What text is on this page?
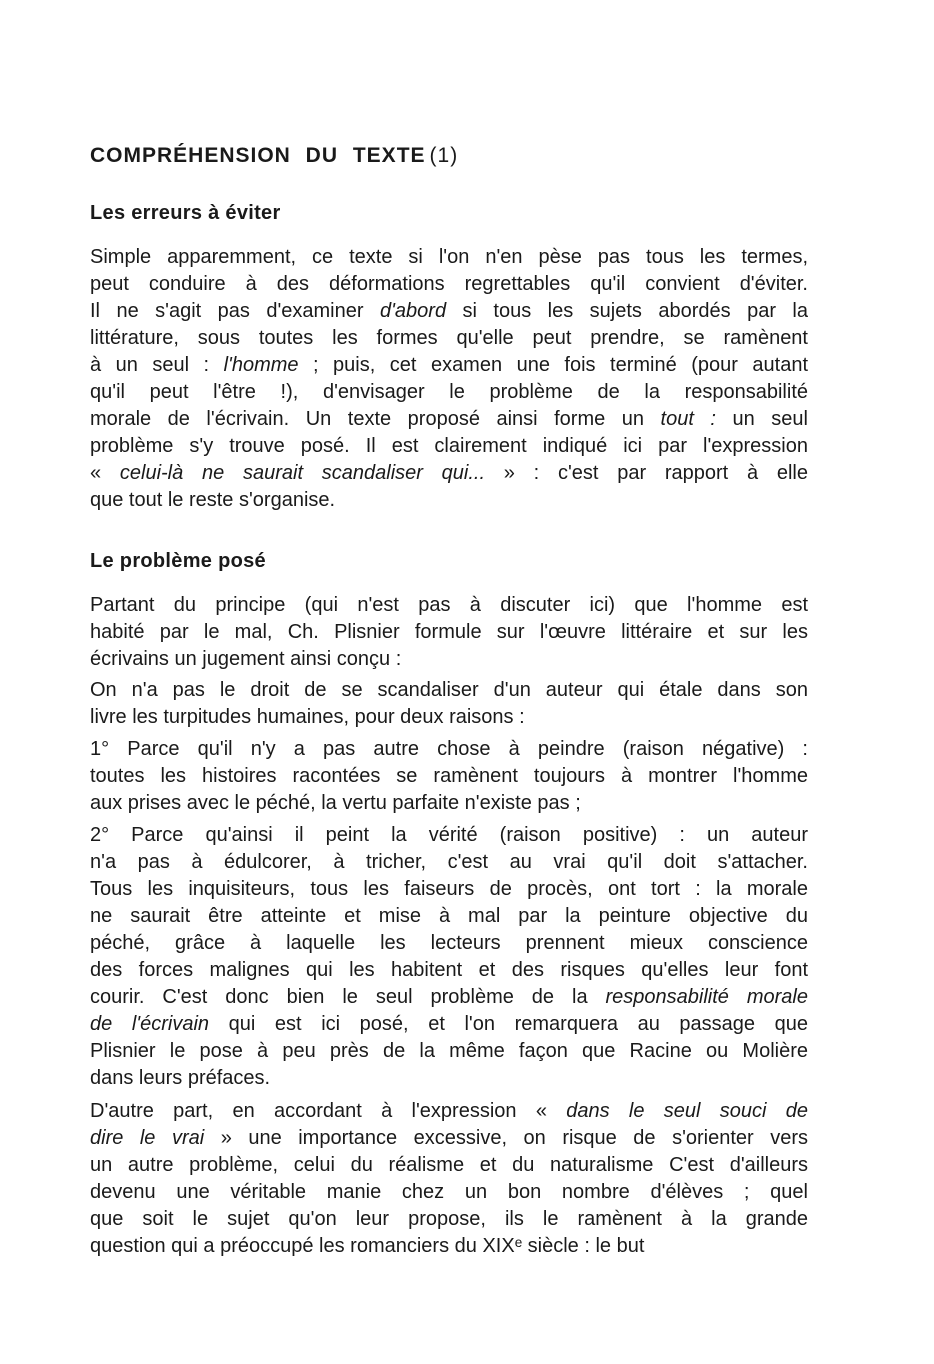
COMPRÉHENSION DU TEXTE (1)
Les erreurs à éviter
Simple apparemment, ce texte si l'on n'en pèse pas tous les termes,
peut conduire à des déformations regrettables qu'il convient d'éviter.
Il ne s'agit pas d'examiner d'abord si tous les sujets abordés par la
littérature, sous toutes les formes qu'elle peut prendre, se ramènent
à un seul : l'homme ; puis, cet examen une fois terminé (pour autant
qu'il peut l'être !), d'envisager le problème de la responsabilité
morale de l'écrivain. Un texte proposé ainsi forme un tout : un seul
problème s'y trouve posé. Il est clairement indiqué ici par l'expression
« celui-là ne saurait scandaliser qui... » : c'est par rapport à elle
que tout le reste s'organise.
Le problème posé
Partant du principe (qui n'est pas à discuter ici) que l'homme est
habité par le mal, Ch. Plisnier formule sur l'œuvre littéraire et sur les
écrivains un jugement ainsi conçu :
On n'a pas le droit de se scandaliser d'un auteur qui étale dans son
livre les turpitudes humaines, pour deux raisons :
1° Parce qu'il n'y a pas autre chose à peindre (raison négative) :
toutes les histoires racontées se ramènent toujours à montrer l'homme
aux prises avec le péché, la vertu parfaite n'existe pas ;
2° Parce qu'ainsi il peint la vérité (raison positive) : un auteur
n'a pas à édulcorer, à tricher, c'est au vrai qu'il doit s'attacher.
Tous les inquisiteurs, tous les faiseurs de procès, ont tort : la morale
ne saurait être atteinte et mise à mal par la peinture objective du
péché, grâce à laquelle les lecteurs prennent mieux conscience
des forces malignes qui les habitent et des risques qu'elles leur font
courir. C'est donc bien le seul problème de la responsabilité morale
de l'écrivain qui est ici posé, et l'on remarquera au passage que
Plisnier le pose à peu près de la même façon que Racine ou Molière
dans leurs préfaces.
D'autre part, en accordant à l'expression « dans le seul souci de
dire le vrai » une importance excessive, on risque de s'orienter vers
un autre problème, celui du réalisme et du naturalisme C'est d'ailleurs
devenu une véritable manie chez un bon nombre d'élèves ; quel
que soit le sujet qu'on leur propose, ils le ramènent à la grande
question qui a préoccupé les romanciers du XIXᵉ siècle : le but
